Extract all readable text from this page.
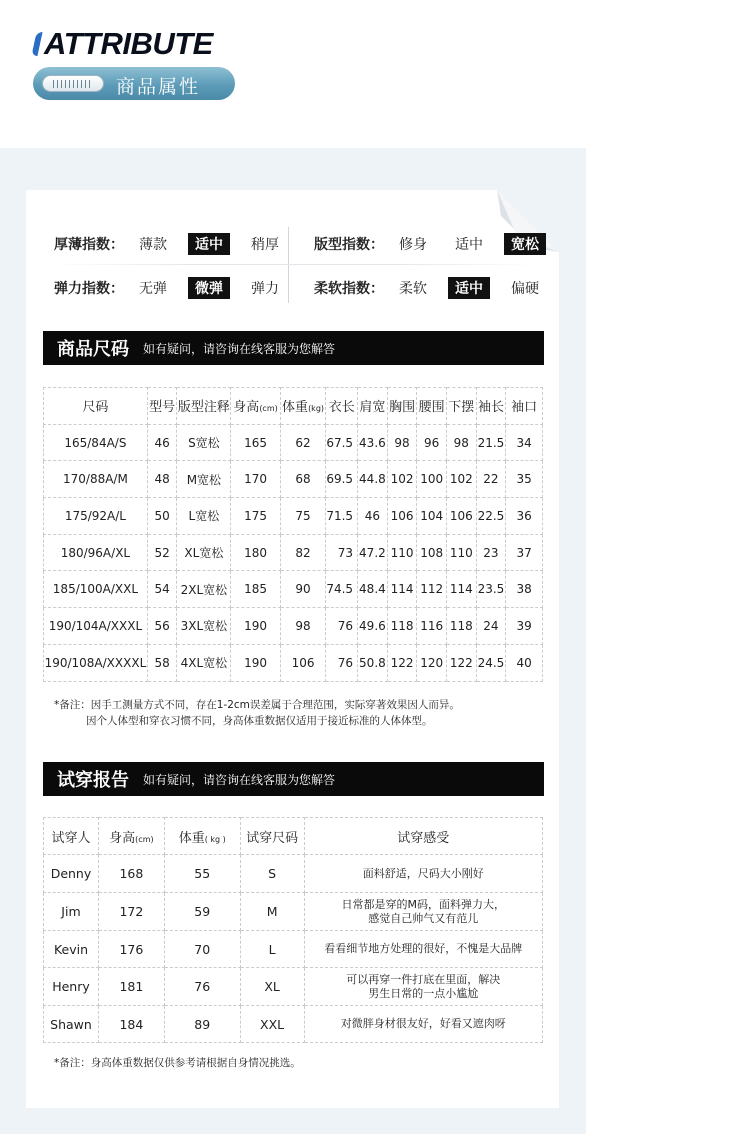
ATTRIBUTE
商品属性
厚薄指数：	薄款	适中	稍厚	版型指数：	修身	适中	宽松
弹力指数：	无弹	微弹	弹力	柔软指数：	柔软	适中	偏硬
商品尺码 如有疑问，请咨询在线客服为您解答
尺码	型号	版型注释	身高(cm)	体重(kg)	衣长	肩宽	胸围	腰围	下摆	袖长	袖口
165/84A/S	46	S宽松	165	62	67.5	43.6	98	96	98	21.5	34
170/88A/M	48	M宽松	170	68	69.5	44.8	102	100	102	22	35
175/92A/L	50	L宽松	175	75	71.5	46	106	104	106	22.5	36
180/96A/XL	52	XL宽松	180	82	73	47.2	110	108	110	23	37
185/100A/XXL	54	2XL宽松	185	90	74.5	48.4	114	112	114	23.5	38
190/104A/XXXL	56	3XL宽松	190	98	76	49.6	118	116	118	24	39
190/108A/XXXXL	58	4XL宽松	190	106	76	50.8	122	120	122	24.5	40
*备注：因手工测量方式不同，存在1-2cm误差属于合理范围，实际穿著效果因人而异。
因个人体型和穿衣习惯不同，身高体重数据仅适用于接近标准的人体体型。
试穿报告 如有疑问，请咨询在线客服为您解答
试穿人	身高(cm)	体重( kg )	试穿尺码	试穿感受
Denny	168	55	S	面料舒适，尺码大小刚好

Jim	172	59	M	日常都是穿的M码，面料弹力大，
感觉自己帅气又有范儿

Kevin	176	70	L	看看细节地方处理的很好，不愧是大品牌

Henry	181	76	XL	可以再穿一件打底在里面，解决
男生日常的一点小尴尬

Shawn	184	89	XXL	对微胖身材很友好，好看又遮肉呀
*备注：身高体重数据仅供参考请根据自身情况挑选。
